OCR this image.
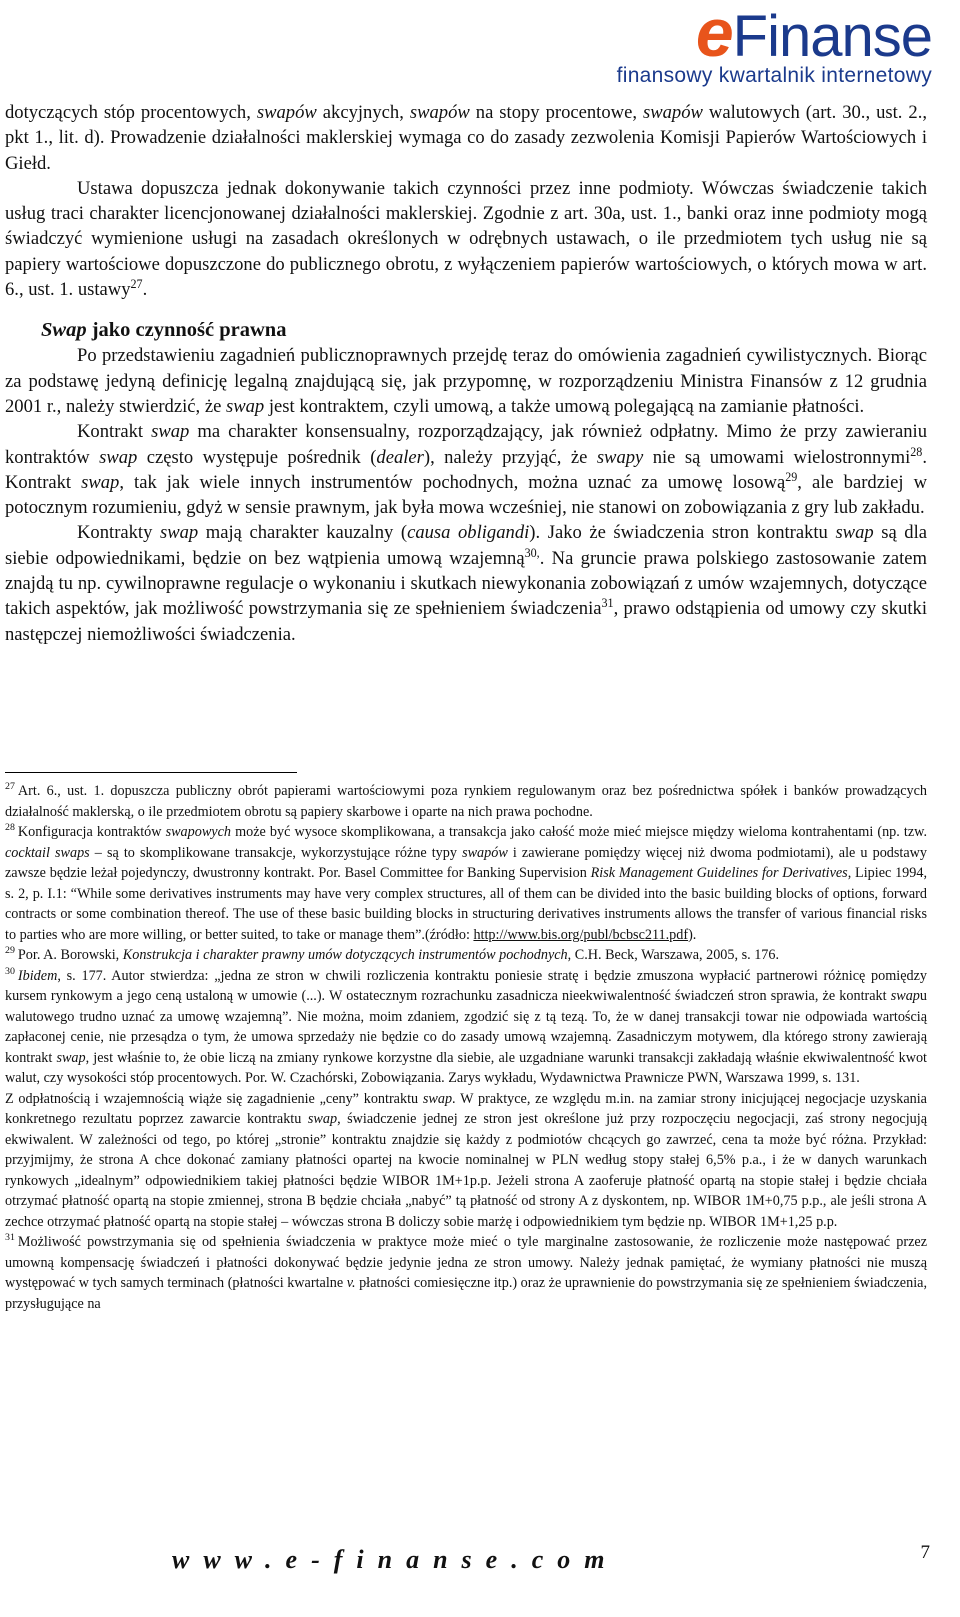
eFinanse
finansowy kwartalnik internetowy

dotyczących stóp procentowych, swapów akcyjnych, swapów na stopy procentowe, swapów walutowych (art. 30., ust. 2., pkt 1., lit. d). Prowadzenie działalności maklerskiej wymaga co do zasady zezwolenia Komisji Papierów Wartościowych i Giełd.

Ustawa dopuszcza jednak dokonywanie takich czynności przez inne podmioty. Wówczas świadczenie takich usług traci charakter licencjonowanej działalności maklerskiej. Zgodnie z art. 30a, ust. 1., banki oraz inne podmioty mogą świadczyć wymienione usługi na zasadach określonych w odrębnych ustawach, o ile przedmiotem tych usług nie są papiery wartościowe dopuszczone do publicznego obrotu, z wyłączeniem papierów wartościowych, o których mowa w art. 6., ust. 1. ustawy$^{27}$.

Swap jako czynność prawna

Po przedstawieniu zagadnień publicznoprawnych przejdę teraz do omówienia zagadnień cywilistycznych. Biorąc za podstawę jedyną definicję legalną znajdującą się, jak przypomnę, w rozporządzeniu Ministra Finansów z 12 grudnia 2001 r., należy stwierdzić, że swap jest kontraktem, czyli umową, a także umową polegającą na zamianie płatności.

Kontrakt swap ma charakter konsensualny, rozporządzający, jak również odpłatny. Mimo że przy zawieraniu kontraktów swap często występuje pośrednik (dealer), należy przyjąć, że swapy nie są umowami wielostronnymi$^{28}$. Kontrakt swap, tak jak wiele innych instrumentów pochodnych, można uznać za umowę losową$^{29}$, ale bardziej w potocznym rozumieniu, gdyż w sensie prawnym, jak była mowa wcześniej, nie stanowi on zobowiązania z gry lub zakładu.

Kontrakty swap mają charakter kauzalny (causa obligandi). Jako że świadczenia stron kontraktu swap są dla siebie odpowiednikami, będzie on bez wątpienia umową wzajemną$^{30,}$. Na gruncie prawa polskiego zastosowanie zatem znajdą tu np. cywilnoprawne regulacje o wykonaniu i skutkach niewykonania zobowiązań z umów wzajemnych, dotyczące takich aspektów, jak możliwość powstrzymania się ze spełnieniem świadczenia$^{31}$, prawo odstąpienia od umowy czy skutki następczej niemożliwości świadczenia.

$^{27}$ Art. 6., ust. 1. dopuszcza publiczny obrót papierami wartościowymi poza rynkiem regulowanym oraz bez pośrednictwa spółek i banków prowadzących działalność maklerską, o ile przedmiotem obrotu są papiery skarbowe i oparte na nich prawa pochodne.

$^{28}$ Konfiguracja kontraktów swapowych może być wysoce skomplikowana, a transakcja jako całość może mieć miejsce między wieloma kontrahentami (np. tzw. cocktail swaps – są to skomplikowane transakcje, wykorzystujące różne typy swapów i zawierane pomiędzy więcej niż dwoma podmiotami), ale u podstawy zawsze będzie leżał pojedynczy, dwustronny kontrakt. Por. Basel Committee for Banking Supervision Risk Management Guidelines for Derivatives, Lipiec 1994, s. 2, p. I.1: “While some derivatives instruments may have very complex structures, all of them can be divided into the basic building blocks of options, forward contracts or some combination thereof. The use of these basic building blocks in structuring derivatives instruments allows the transfer of various financial risks to parties who are more willing, or better suited, to take or manage them”.(źródło: http://www.bis.org/publ/bcbsc211.pdf).

$^{29}$ Por. A. Borowski, Konstrukcja i charakter prawny umów dotyczących instrumentów pochodnych, C.H. Beck, Warszawa, 2005, s. 176.

$^{30}$ Ibidem, s. 177. Autor stwierdza: „jedna ze stron w chwili rozliczenia kontraktu poniesie stratę i będzie zmuszona wypłacić partnerowi różnicę pomiędzy kursem rynkowym a jego ceną ustaloną w umowie (...). W ostatecznym rozrachunku zasadnicza nieekwiwalentność świadczeń stron sprawia, że kontrakt swapu walutowego trudno uznać za umowę wzajemną”. Nie można, moim zdaniem, zgodzić się z tą tezą. To, że w danej transakcji towar nie odpowiada wartością zapłaconej cenie, nie przesądza o tym, że umowa sprzedaży nie będzie co do zasady umową wzajemną. Zasadniczym motywem, dla którego strony zawierają kontrakt swap, jest właśnie to, że obie liczą na zmiany rynkowe korzystne dla siebie, ale uzgadniane warunki transakcji zakładają właśnie ekwiwalentność kwot walut, czy wysokości stóp procentowych. Por. W. Czachórski, Zobowiązania. Zarys wykładu, Wydawnictwa Prawnicze PWN, Warszawa 1999, s. 131.

Z odpłatnością i wzajemnością wiąże się zagadnienie „ceny” kontraktu swap. W praktyce, ze względu m.in. na zamiar strony inicjującej negocjacje uzyskania konkretnego rezultatu poprzez zawarcie kontraktu swap, świadczenie jednej ze stron jest określone już przy rozpoczęciu negocjacji, zaś strony negocjują ekwiwalent. W zależności od tego, po której „stronie” kontraktu znajdzie się każdy z podmiotów chcących go zawrzeć, cena ta może być różna. Przykład: przyjmijmy, że strona A chce dokonać zamiany płatności opartej na kwocie nominalnej w PLN według stopy stałej 6,5% p.a., i że w danych warunkach rynkowych „idealnym” odpowiednikiem takiej płatności będzie WIBOR 1M+1p.p. Jeżeli strona A zaoferuje płatność opartą na stopie stałej i będzie chciała otrzymać płatność opartą na stopie zmiennej, strona B będzie chciała „nabyć” tą płatność od strony A z dyskontem, np. WIBOR 1M+0,75 p.p., ale jeśli strona A zechce otrzymać płatność opartą na stopie stałej – wówczas strona B doliczy sobie marżę i odpowiednikiem tym będzie np. WIBOR 1M+1,25 p.p.

$^{31}$ Możliwość powstrzymania się od spełnienia świadczenia w praktyce może mieć o tyle marginalne zastosowanie, że rozliczenie może następować przez umowną kompensację świadczeń i płatności dokonywać będzie jedynie jedna ze stron umowy. Należy jednak pamiętać, że wymiany płatności nie muszą występować w tych samych terminach (płatności kwartalne v. płatności comiesięczne itp.) oraz że uprawnienie do powstrzymania się ze spełnieniem świadczenia, przysługujące na

www.e-finanse.com	7
